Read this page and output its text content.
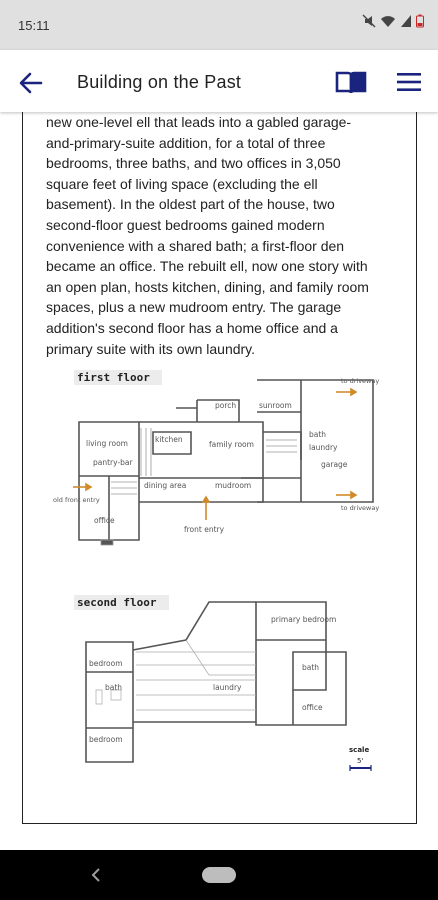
15:11
Building on the Past
new one-level ell that leads into a gabled garage-
and-primary-suite addition, for a total of three
bedrooms, three baths, and two offices in 3,050
square feet of living space (excluding the ell
basement). In the oldest part of the house, two
second-floor guest bedrooms gained modern
convenience with a shared bath; a first-floor den
became an office. The rebuilt ell, now one story with
an open plan, hosts kitchen, dining, and family room
spaces, plus a new mudroom entry. The garage
addition's second floor has a home office and a
primary suite with its own laundry.
first floor
living room
pantry-bar
kitchen
family room
porch	sunroom
bath
laundry
garage
dining area	mudroom
office
old front entry
front entry
to driveway
to driveway
second floor
bedroom
bath
bedroom
laundry
primary bedroom
bath
office
scale
5'
